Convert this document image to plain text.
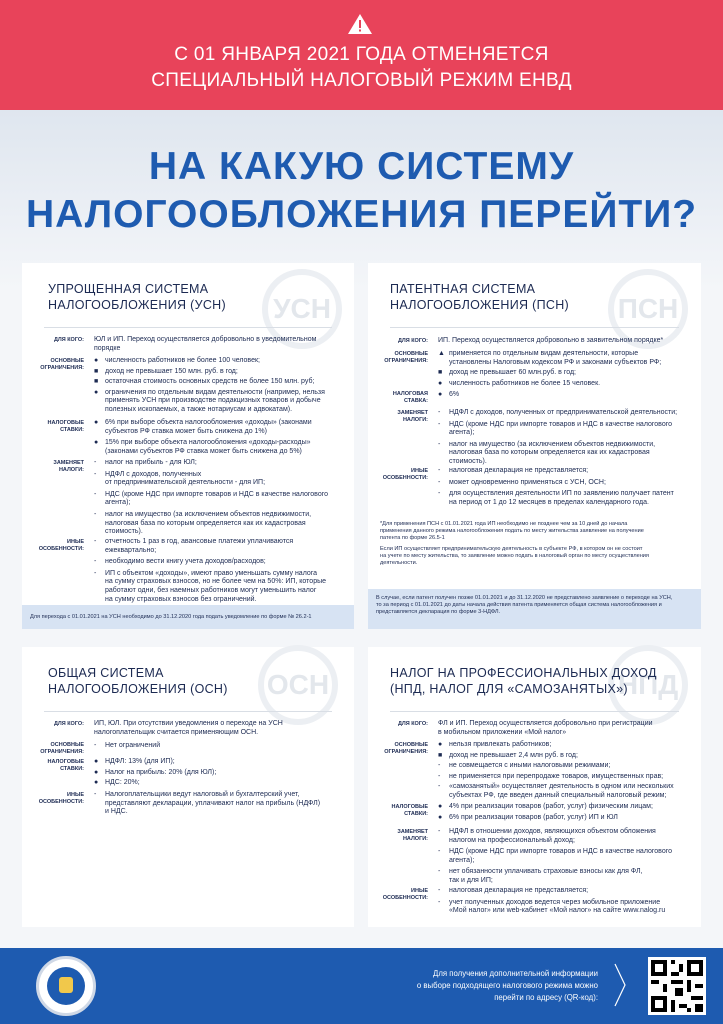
С 01 ЯНВАРЯ 2021 ГОДА ОТМЕНЯЕТСЯ
СПЕЦИАЛЬНЫЙ НАЛОГОВЫЙ РЕЖИМ ЕНВД
НА КАКУЮ СИСТЕМУ
НАЛОГООБЛОЖЕНИЯ ПЕРЕЙТИ?
УСН
УПРОЩЕННАЯ СИСТЕМА
НАЛОГООБЛОЖЕНИЯ (УСН)
ДЛЯ КОГО: ЮЛ и ИП. Переход осуществляется добровольно в уведомительном
порядке
ОСНОВНЫЕ
ОГРАНИЧЕНИЯ:
● численность работников не более 100 человек;
■ доход не превышает 150 млн. руб. в год;
■ остаточная стоимость основных средств не более 150 млн. руб;
● ограничения по отдельным видам деятельности (например, нельзя
применять УСН при производстве подакцизных товаров и добыче
полезных ископаемых, а также нотариусам и адвокатам).
НАЛОГОВЫЕ
СТАВКИ:
● 6% при выборе объекта налогообложения «доходы» (законами
субъектов РФ ставка может быть снижена до 1%)
● 15% при выборе объекта налогообложения «доходы-расходы»
(законами субъектов РФ ставка может быть снижена до 5%)
ЗАМЕНЯЕТ
НАЛОГИ:
- налог на прибыль - для ЮЛ;
- НДФЛ с доходов, полученных
от предпринимательской деятельности - для ИП;
- НДС (кроме НДС при импорте товаров и НДС в качестве налогового
агента);
- налог на имущество (за исключением объектов недвижимости,
налоговая база по которым определяется как их кадастровая
стоимость).
ИНЫЕ
ОСОБЕННОСТИ:
- отчетность 1 раз в год, авансовые платежи уплачиваются
ежеквартально;
- необходимо вести книгу учета доходов/расходов;
- ИП с объектом «доходы», имеют право уменьшать сумму налога
на сумму страховых взносов, но не более чем на 50%: ИП, которые
работают одни, без наемных работников могут уменьшить налог
на сумму страховых взносов без ограничений.
Для перехода с 01.01.2021 на УСН необходимо до 31.12.2020 года подать уведомление по форме № 26.2-1
ПСН
ПАТЕНТНАЯ СИСТЕМА
НАЛОГООБЛОЖЕНИЯ (ПСН)
ДЛЯ КОГО: ИП. Переход осуществляется добровольно в заявительном порядке*
ОСНОВНЫЕ
ОГРАНИЧЕНИЯ:
▲ применяется по отдельным видам деятельности, которые
установлены Налоговым кодексом РФ и законами субъектов РФ;
■ доход не превышает 60 млн.руб. в год;
● численность работников не более 15 человек.
НАЛОГОВАЯ
СТАВКА:
● 6%
ЗАМЕНЯЕТ
НАЛОГИ:
- НДФЛ с доходов, полученных от предпринимательской деятельности;
- НДС (кроме НДС при импорте товаров и НДС в качестве налогового
агента);
- налог на имущество (за исключением объектов недвижимости,
налоговая база по которым определяется как их кадастровая
стоимость).
ИНЫЕ
ОСОБЕННОСТИ:
- налоговая декларация не представляется;
- может одновременно применяться с УСН, ОСН;
- для осуществления деятельности ИП по заявлению получает патент
на период от 1 до 12 месяцев в пределах календарного года.
*Для применения ПСН с 01.01.2021 года ИП необходимо не позднее чем за 10 дней до начала
применения данного режима налогообложения подать по месту жительства заявление на получение
патента по форме 26.5-1
Если ИП осуществляет предпринимательскую деятельность в субъекте РФ, в котором он не состоит
на учете по месту жительства, то заявление можно подать в налоговый орган по месту осуществления
деятельности.
В случае, если патент получен позже 01.01.2021 и до 31.12.2020 не представлено заявление о переходе на УСН,
то за период с 01.01.2021 до даты начала действия патента применяется общая система налогообложения и
представляется декларация по форме 3-НДФЛ.
ОСН
ОБЩАЯ СИСТЕМА
НАЛОГООБЛОЖЕНИЯ (ОСН)
ДЛЯ КОГО: ИП, ЮЛ. При отсутствии уведомления о переходе на УСН
налогоплательщик считается применяющим ОСН.
ОСНОВНЫЕ
ОГРАНИЧЕНИЯ:
- Нет ограничений
НАЛОГОВЫЕ
СТАВКИ:
● НДФЛ: 13% (для ИП);
● Налог на прибыль: 20% (для ЮЛ);
● НДС: 20%;
ИНЫЕ
ОСОБЕННОСТИ:
- Налогоплательщики ведут налоговый и бухгалтерский учет,
представляют декларации, уплачивают налог на прибыль (НДФЛ)
и НДС.
НПД
НАЛОГ НА ПРОФЕССИОНАЛЬНЫХ ДОХОД
(НПД, НАЛОГ ДЛЯ «САМОЗАНЯТЫХ»)
ДЛЯ КОГО: ФЛ и ИП. Переход осуществляется добровольно при регистрации
в мобильном приложении «Мой налог»
ОСНОВНЫЕ
ОГРАНИЧЕНИЯ:
● нельзя привлекать работников;
■ доход не превышает 2,4 млн руб. в год;
- не совмещается с иными налоговыми режимами;
- не применяется при перепродаже товаров, имущественных прав;
- «самозанятый» осуществляет деятельность в одном или нескольких
субъектах РФ, где введен данный специальный налоговый режим;
НАЛОГОВЫЕ
СТАВКИ:
● 4% при реализации товаров (работ, услуг) физическим лицам;
● 6% при реализации товаров (работ, услуг) ИП и ЮЛ
ЗАМЕНЯЕТ
НАЛОГИ:
- НДФЛ в отношении доходов, являющихся объектом обложения
налогом на профессиональный доход;
- НДС (кроме НДС при импорте товаров и НДС в качестве налогового
агента);
- нет обязанности уплачивать страховые взносы как для ФЛ,
так и для ИП;
ИНЫЕ
ОСОБЕННОСТИ:
- налоговая декларация не представляется;
- учет полученных доходов ведется через мобильное приложение
«Мой налог» или web-кабинет «Мой налог» на сайте www.nalog.ru
Для получения дополнительной информации
о выборе подходящего налогового режима можно
перейти по адресу (QR-код):
